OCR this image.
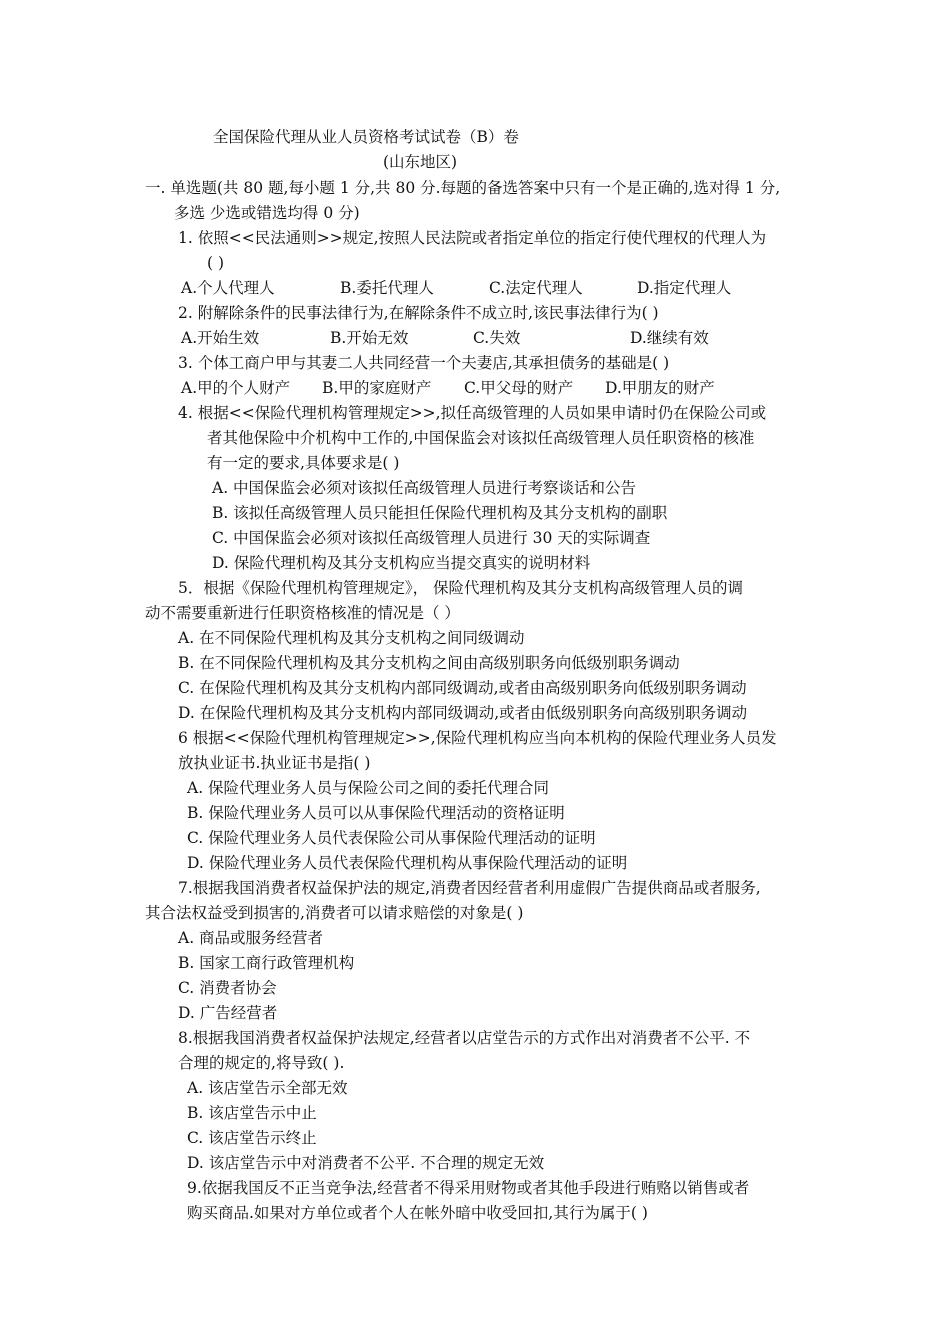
全国保险代理从业人员资格考试试卷（B）卷
(山东地区)
一. 单选题(共 80 题,每小题 1 分,共 80 分.每题的备选答案中只有一个是正确的,选对得 1 分,
多选 少选或错选均得 0 分)
1. 依照<<民法通则>>规定,按照人民法院或者指定单位的指定行使代理权的代理人为
( )
A.个人代理人	B.委托代理人	C.法定代理人	D.指定代理人
2. 附解除条件的民事法律行为,在解除条件不成立时,该民事法律行为( )
A.开始生效	B.开始无效	C.失效	D.继续有效
3. 个体工商户甲与其妻二人共同经营一个夫妻店,其承担债务的基础是( )
A.甲的个人财产 B.甲的家庭财产 C.甲父母的财产 D.甲朋友的财产
4. 根据<<保险代理机构管理规定>>,拟任高级管理的人员如果申请时仍在保险公司或
者其他保险中介机构中工作的,中国保监会对该拟任高级管理人员任职资格的核准
有一定的要求,具体要求是( )
A. 中国保监会必须对该拟任高级管理人员进行考察谈话和公告
B. 该拟任高级管理人员只能担任保险代理机构及其分支机构的副职
C. 中国保监会必须对该拟任高级管理人员进行 30 天的实际调查
D. 保险代理机构及其分支机构应当提交真实的说明材料
5．根据《保险代理机构管理规定》， 保险代理机构及其分支机构高级管理人员的调
动不需要重新进行任职资格核准的情况是（ ）
A. 在不同保险代理机构及其分支机构之间同级调动
B. 在不同保险代理机构及其分支机构之间由高级别职务向低级别职务调动
C. 在保险代理机构及其分支机构内部同级调动,或者由高级别职务向低级别职务调动
D. 在保险代理机构及其分支机构内部同级调动,或者由低级别职务向高级别职务调动
6 根据<<保险代理机构管理规定>>,保险代理机构应当向本机构的保险代理业务人员发
放执业证书.执业证书是指( )
A. 保险代理业务人员与保险公司之间的委托代理合同
B. 保险代理业务人员可以从事保险代理活动的资格证明
C. 保险代理业务人员代表保险公司从事保险代理活动的证明
D. 保险代理业务人员代表保险代理机构从事保险代理活动的证明
7.根据我国消费者权益保护法的规定,消费者因经营者利用虚假广告提供商品或者服务,
其合法权益受到损害的,消费者可以请求赔偿的对象是( )
A. 商品或服务经营者
B. 国家工商行政管理机构
C. 消费者协会
D. 广告经营者
8.根据我国消费者权益保护法规定,经营者以店堂告示的方式作出对消费者不公平. 不
合理的规定的,将导致( ).
A. 该店堂告示全部无效
B. 该店堂告示中止
C. 该店堂告示终止
D. 该店堂告示中对消费者不公平. 不合理的规定无效
9.依据我国反不正当竞争法,经营者不得采用财物或者其他手段进行贿赂以销售或者
购买商品.如果对方单位或者个人在帐外暗中收受回扣,其行为属于( )
